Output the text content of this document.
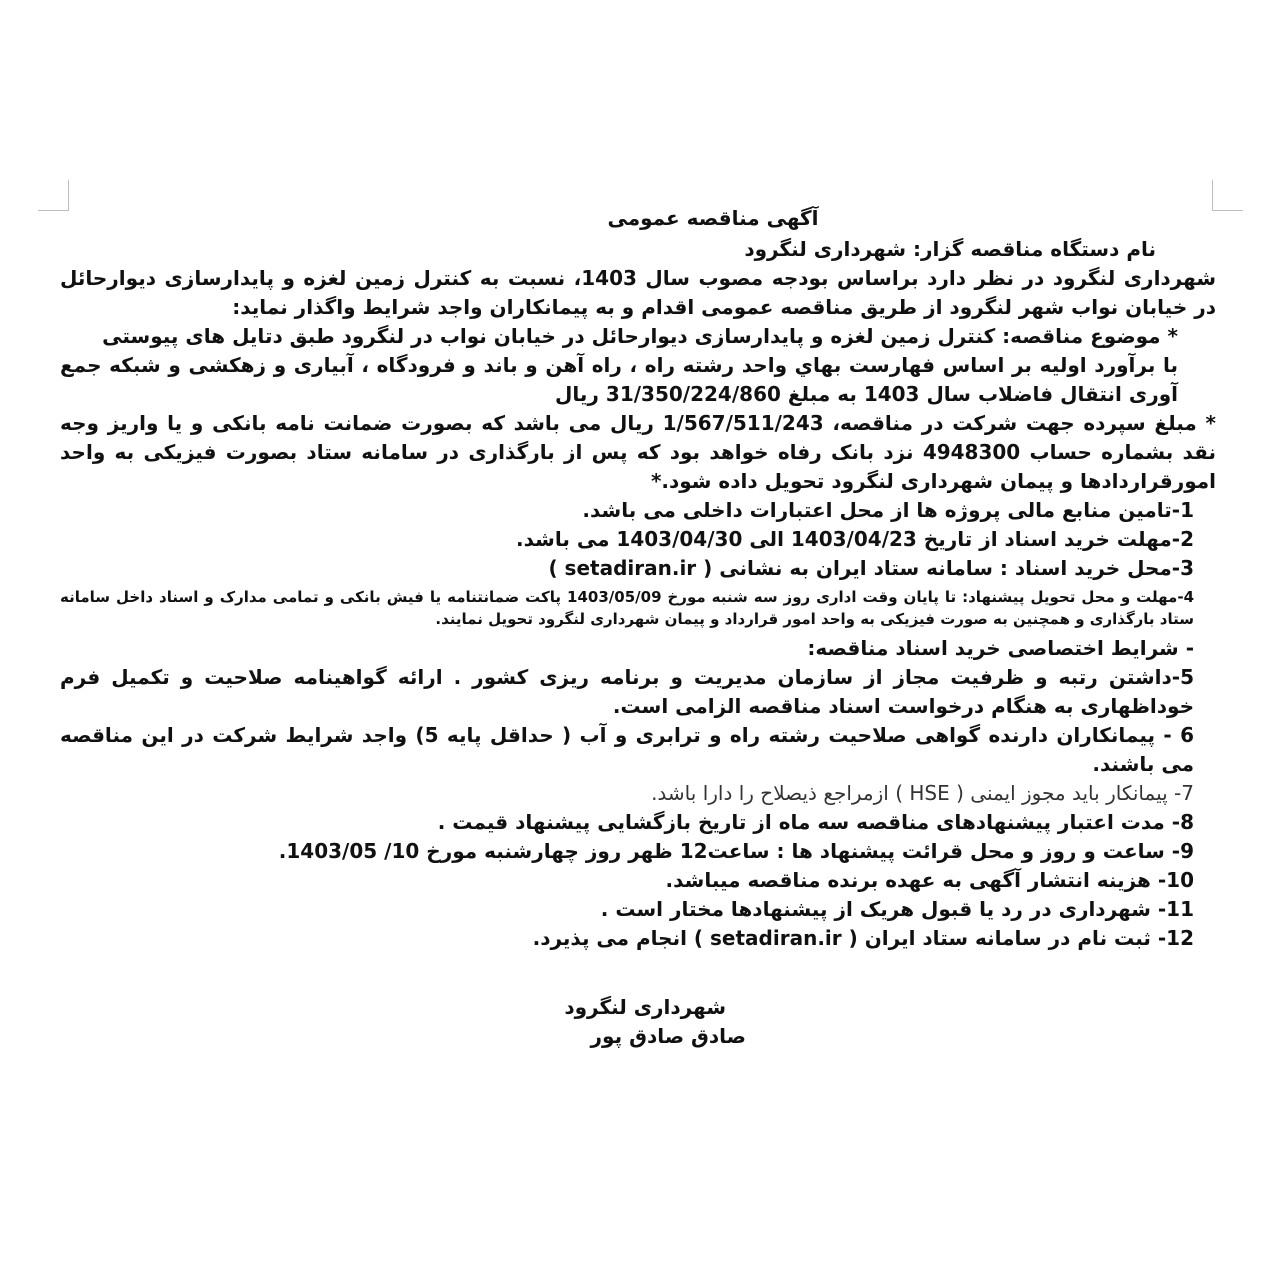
آگهی مناقصه عمومی

نام دستگاه مناقصه گزار: شهرداری لنگرود

شهرداری لنگرود در نظر دارد براساس بودجه مصوب سال 1403، نسبت به کنترل زمین لغزه و پایدارسازی دیوارحائل در خیابان نواب شهر لنگرود از طریق مناقصه عمومی اقدام و به پیمانکاران واجد شرایط واگذار نماید:

* موضوع مناقصه: کنترل زمین لغزه و پایدارسازی دیوارحائل در خیابان نواب در لنگرود طبق دتایل های پیوستی

با برآورد اولیه بر اساس فهارست بهاي واحد رشته راه ، راه آهن و باند و فرودگاه ، آبیاری و زهکشی و شبکه جمع آوری انتقال فاضلاب سال 1403 به مبلغ 31/350/224/860 ریال

* مبلغ سپرده جهت شرکت در مناقصه، 1/567/511/243 ریال می باشد که بصورت ضمانت نامه بانکی و یا واریز وجه نقد بشماره حساب 4948300 نزد بانک رفاه خواهد بود که پس از بارگذاری در سامانه ستاد بصورت فیزیکی به واحد امورقراردادها و پیمان شهرداری لنگرود تحویل داده شود.*

1-تامین منابع مالی پروژه ها از محل اعتبارات داخلی می باشد.

2-مهلت خرید اسناد از تاریخ 1403/04/23 الی 1403/04/30 می باشد.

3-محل خرید اسناد : سامانه ستاد ایران به نشانی ( setadiran.ir )

4-مهلت و محل تحویل پیشنهاد: تا پایان وقت اداری روز سه شنبه مورخ 1403/05/09 پاکت ضمانتنامه یا فیش بانکی و تمامی مدارک و اسناد داخل سامانه ستاد بارگذاری و همچنین به صورت فیزیکی به واحد امور قرارداد و پیمان شهرداری لنگرود تحویل نمایند.

- شرایط اختصاصی خرید اسناد مناقصه:

5-داشتن رتبه و ظرفیت مجاز از سازمان مدیریت و برنامه ریزی کشور . ارائه گواهینامه صلاحیت و تکمیل فرم خوداظهاری به هنگام درخواست اسناد مناقصه الزامی است.

6 - پیمانکاران دارنده گواهی صلاحیت رشته راه و ترابری و آب ( حداقل پایه 5) واجد شرایط شرکت در این مناقصه می باشند.

7- پیمانکار باید مجوز ایمنی ( HSE ) ازمراجع ذیصلاح را دارا باشد.

8- مدت اعتبار پیشنهادهای مناقصه سه ماه از تاریخ بازگشایی پیشنهاد قیمت .

9- ساعت و روز و محل قرائت پیشنهاد ها : ساعت12 ظهر روز چهارشنبه مورخ 10/ 1403/05.

10- هزینه انتشار آگهی به عهده برنده مناقصه میباشد.

11- شهرداری در رد یا قبول هریک از پیشنهادها مختار است .

12- ثبت نام در سامانه ستاد ایران ( setadiran.ir ) انجام می پذیرد.

شهرداری لنگرود

صادق صادق پور
